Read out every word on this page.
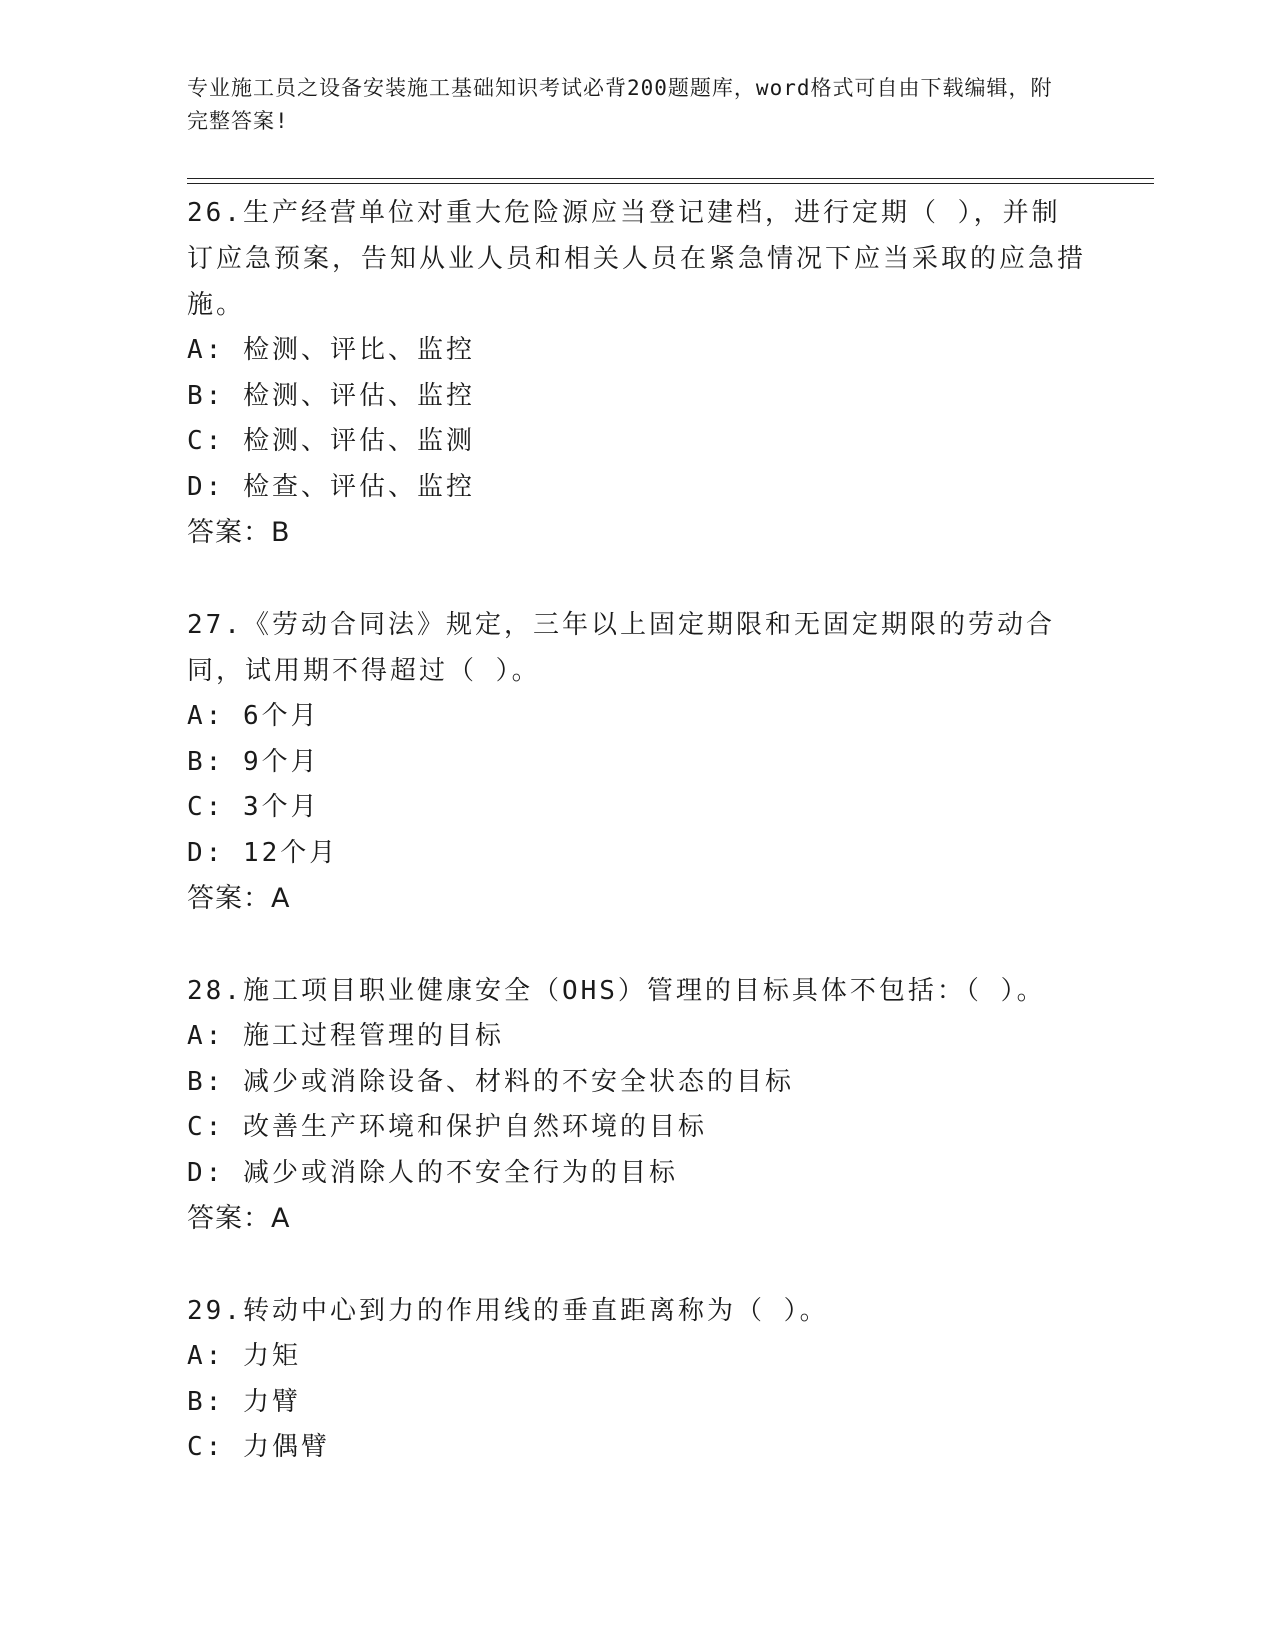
专业施工员之设备安装施工基础知识考试必背200题题库，word格式可自由下载编辑，附完整答案!

26.生产经营单位对重大危险源应当登记建档，进行定期（ ），并制订应急预案，告知从业人员和相关人员在紧急情况下应当采取的应急措施。

A: 检测、评比、监控

B: 检测、评估、监控

C: 检测、评估、监测

D: 检查、评估、监控

答案：B

27.《劳动合同法》规定，三年以上固定期限和无固定期限的劳动合同，试用期不得超过（ ）。

A: 6个月

B: 9个月

C: 3个月

D: 12个月

答案：A

28.施工项目职业健康安全（OHS）管理的目标具体不包括：（ ）。

A: 施工过程管理的目标

B: 减少或消除设备、材料的不安全状态的目标

C: 改善生产环境和保护自然环境的目标

D: 减少或消除人的不安全行为的目标

答案：A

29.转动中心到力的作用线的垂直距离称为（ ）。

A: 力矩

B: 力臂

C: 力偶臂
